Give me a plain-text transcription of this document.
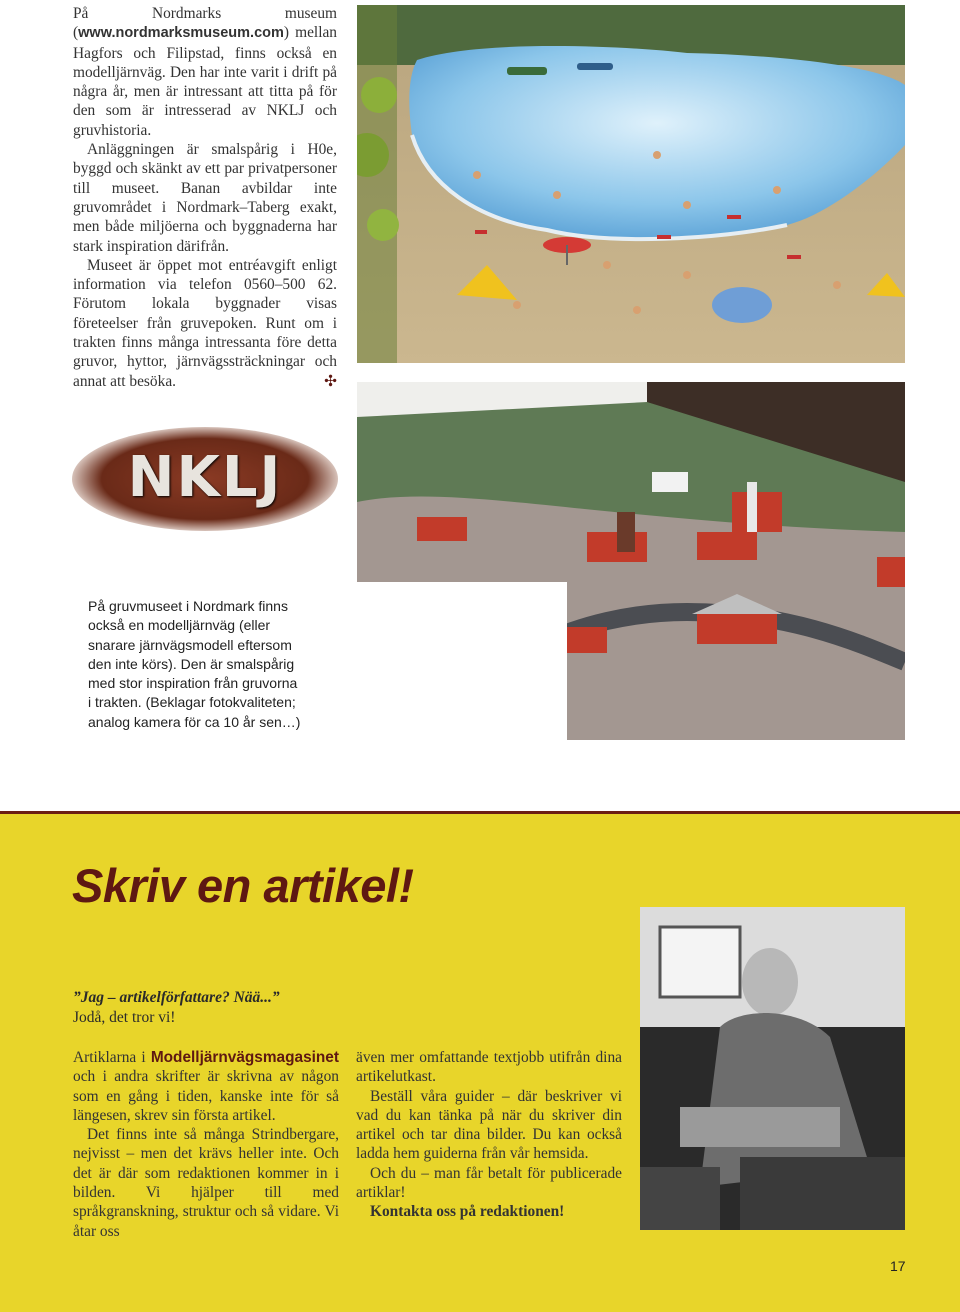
På Nordmarks museum (www.nordmarksmuseum.com) mellan Hagfors och Filipstad, finns också en modelljärnväg. Den har inte varit i drift på några år, men är intressant att titta på för den som är intresserad av NKLJ och gruvhistoria.

Anläggningen är smalspårig i H0e, byggd och skänkt av ett par privatpersoner till museet. Banan avbildar inte gruvområdet i Nordmark–Taberg exakt, men både miljöerna och byggnaderna har stark inspiration därifrån.

Museet är öppet mot entréavgift enligt information via telefon 0560–500 62. Förutom lokala byggnader visas företeelser från gruvepoken. Runt om i trakten finns många intressanta före detta gruvor, hyttor, järnvägssträckningar och annat att besöka.	✣

NKLJ
På gruvmuseet i Nordmark finns
också en modelljärnväg (eller
snarare järnvägsmodell eftersom
den inte körs). Den är smalspårig
med stor inspiration från gruvorna
i trakten. (Beklagar fotokvaliteten;
analog kamera för ca 10 år sen…)
Skriv en artikel!
”Jag – artikelförfattare? Nää...”
Jodå, det tror vi!

Artiklarna i Modelljärnvägsmagasinet och i andra skrifter är skrivna av någon som en gång i tiden, kanske inte för så längesen, skrev sin första artikel.

Det finns inte så många Strindbergare, nejvisst – men det krävs heller inte. Och det är där som redaktionen kommer in i bilden. Vi hjälper till med språkgranskning, struktur och så vidare. Vi åtar oss

även mer omfattande textjobb utifrån dina artikelutkast.

Beställ våra guider – där beskriver vi vad du kan tänka på när du skriver din artikel och tar dina bilder. Du kan också ladda hem guiderna från vår hemsida.

Och du – man får betalt för publicerade artiklar!

Kontakta oss på redaktionen!

17
